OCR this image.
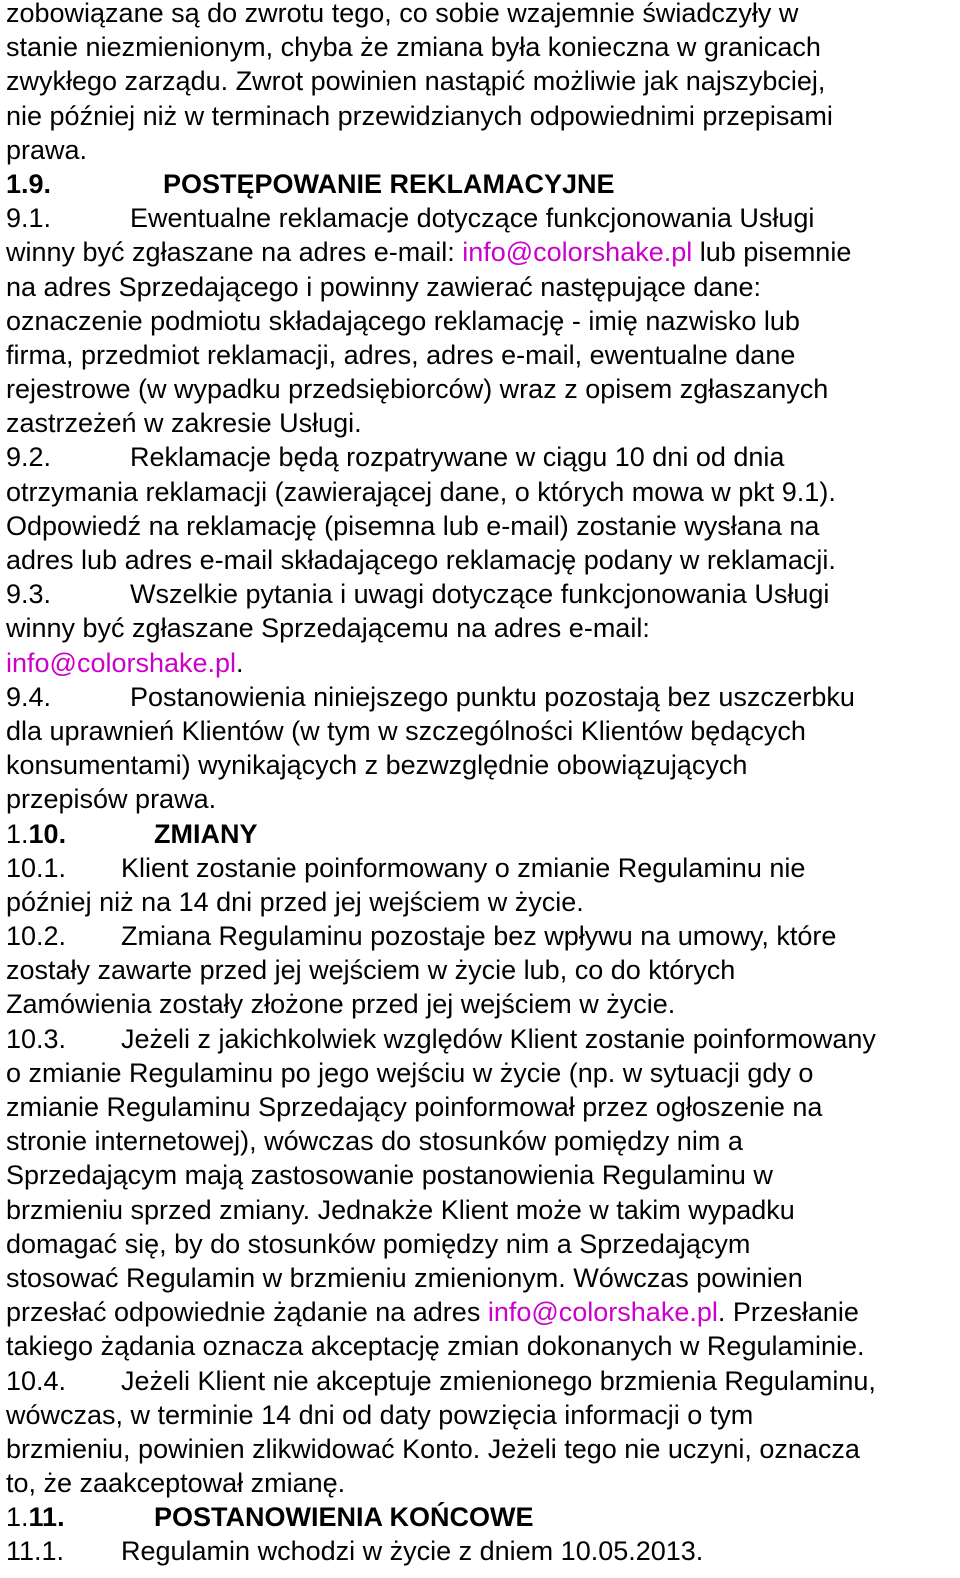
zobowiązane są do zwrotu tego, co sobie wzajemnie świadczyły w
stanie niezmienionym, chyba że zmiana była konieczna w granicach
zwykłego zarządu. Zwrot powinien nastąpić możliwie jak najszybciej,
nie później niż w terminach przewidzianych odpowiednimi przepisami
prawa.
1.9.	POSTĘPOWANIE REKLAMACYJNE
9.1.	Ewentualne reklamacje dotyczące funkcjonowania Usługi
winny być zgłaszane na adres e-mail: info@colorshake.pl lub pisemnie
na adres Sprzedającego i powinny zawierać następujące dane:
oznaczenie podmiotu składającego reklamację - imię nazwisko lub
firma, przedmiot reklamacji, adres, adres e-mail, ewentualne dane
rejestrowe (w wypadku przedsiębiorców) wraz z opisem zgłaszanych
zastrzeżeń w zakresie Usługi.
9.2.	Reklamacje będą rozpatrywane w ciągu 10 dni od dnia
otrzymania reklamacji (zawierającej dane, o których mowa w pkt 9.1).
Odpowiedź na reklamację (pisemna lub e-mail) zostanie wysłana na
adres lub adres e-mail składającego reklamację podany w reklamacji.
9.3.	Wszelkie pytania i uwagi dotyczące funkcjonowania Usługi
winny być zgłaszane Sprzedającemu na adres e-mail:
info@colorshake.pl.
9.4.	Postanowienia niniejszego punktu pozostają bez uszczerbku
dla uprawnień Klientów (w tym w szczególności Klientów będących
konsumentami) wynikających z bezwzględnie obowiązujących
przepisów prawa.
1.10.	ZMIANY
10.1. Klient zostanie poinformowany o zmianie Regulaminu nie
później niż na 14 dni przed jej wejściem w życie.
10.2. Zmiana Regulaminu pozostaje bez wpływu na umowy, które
zostały zawarte przed jej wejściem w życie lub, co do których
Zamówienia zostały złożone przed jej wejściem w życie.
10.3. Jeżeli z jakichkolwiek względów Klient zostanie poinformowany
o zmianie Regulaminu po jego wejściu w życie (np. w sytuacji gdy o
zmianie Regulaminu Sprzedający poinformował przez ogłoszenie na
stronie internetowej), wówczas do stosunków pomiędzy nim a
Sprzedającym mają zastosowanie postanowienia Regulaminu w
brzmieniu sprzed zmiany. Jednakże Klient może w takim wypadku
domagać się, by do stosunków pomiędzy nim a Sprzedającym
stosować Regulamin w brzmieniu zmienionym. Wówczas powinien
przesłać odpowiednie żądanie na adres info@colorshake.pl. Przesłanie
takiego żądania oznacza akceptację zmian dokonanych w Regulaminie.
10.4. Jeżeli Klient nie akceptuje zmienionego brzmienia Regulaminu,
wówczas, w terminie 14 dni od daty powzięcia informacji o tym
brzmieniu, powinien zlikwidować Konto. Jeżeli tego nie uczyni, oznacza
to, że zaakceptował zmianę.
1.11.	POSTANOWIENIA KOŃCOWE
11.1. Regulamin wchodzi w życie z dniem 10.05.2013.
